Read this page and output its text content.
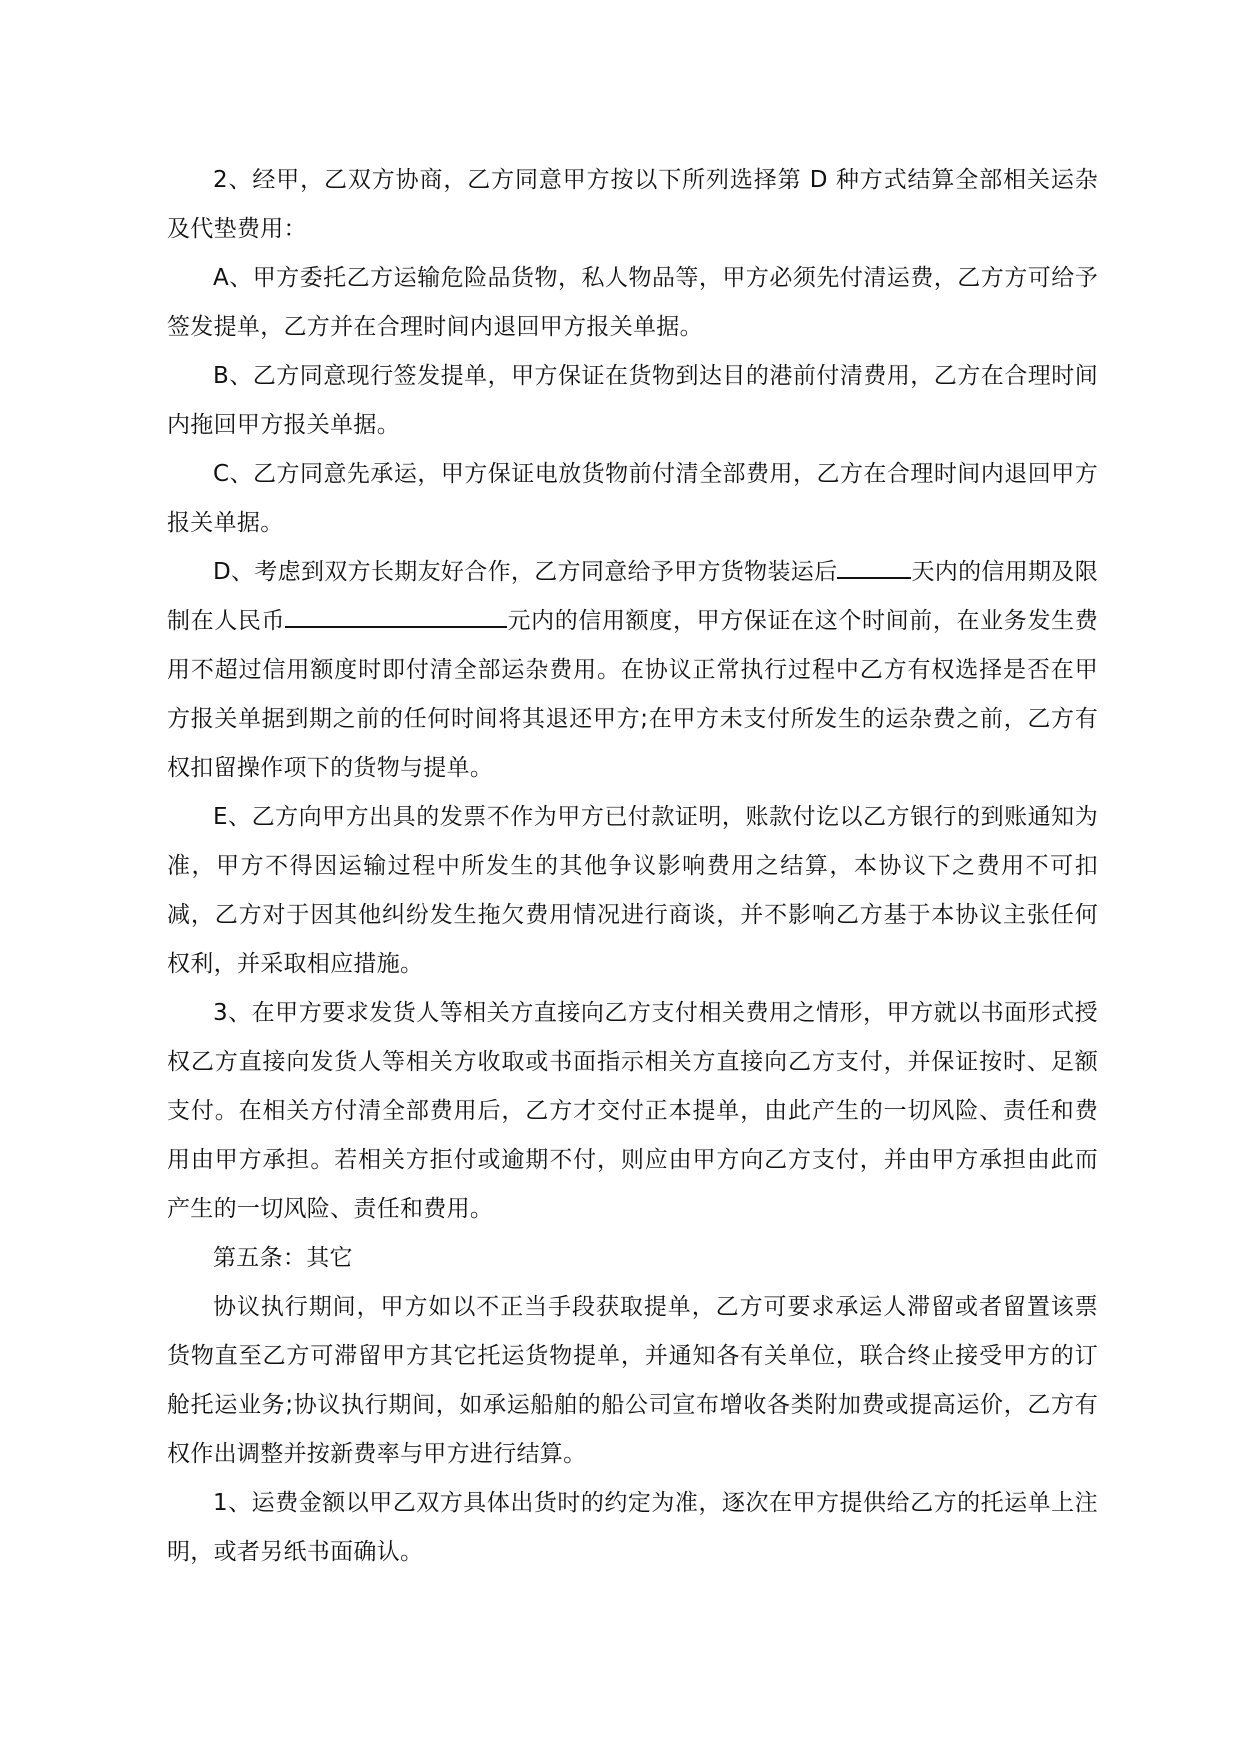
2、经甲，乙双方协商，乙方同意甲方按以下所列选择第 D 种方式结算全部相关运杂及代垫费用：

A、甲方委托乙方运输危险品货物，私人物品等，甲方必须先付清运费，乙方方可给予签发提单，乙方并在合理时间内退回甲方报关单据。

B、乙方同意现行签发提单，甲方保证在货物到达目的港前付清费用，乙方在合理时间内拖回甲方报关单据。

C、乙方同意先承运，甲方保证电放货物前付清全部费用，乙方在合理时间内退回甲方报关单据。

D、考虑到双方长期友好合作，乙方同意给予甲方货物装运后	天内的信用期及限制在人民币	元内的信用额度，甲方保证在这个时间前，在业务发生费用不超过信用额度时即付清全部运杂费用。在协议正常执行过程中乙方有权选择是否在甲方报关单据到期之前的任何时间将其退还甲方;在甲方未支付所发生的运杂费之前，乙方有权扣留操作项下的货物与提单。

E、乙方向甲方出具的发票不作为甲方已付款证明，账款付讫以乙方银行的到账通知为准，甲方不得因运输过程中所发生的其他争议影响费用之结算，本协议下之费用不可扣减，乙方对于因其他纠纷发生拖欠费用情况进行商谈，并不影响乙方基于本协议主张任何权利，并采取相应措施。

3、在甲方要求发货人等相关方直接向乙方支付相关费用之情形，甲方就以书面形式授权乙方直接向发货人等相关方收取或书面指示相关方直接向乙方支付，并保证按时、足额支付。在相关方付清全部费用后，乙方才交付正本提单，由此产生的一切风险、责任和费用由甲方承担。若相关方拒付或逾期不付，则应由甲方向乙方支付，并由甲方承担由此而产生的一切风险、责任和费用。

第五条：其它

协议执行期间，甲方如以不正当手段获取提单，乙方可要求承运人滞留或者留置该票货物直至乙方可滞留甲方其它托运货物提单，并通知各有关单位，联合终止接受甲方的订舱托运业务;协议执行期间，如承运船舶的船公司宣布增收各类附加费或提高运价，乙方有权作出调整并按新费率与甲方进行结算。

1、运费金额以甲乙双方具体出货时的约定为准，逐次在甲方提供给乙方的托运单上注明，或者另纸书面确认。
